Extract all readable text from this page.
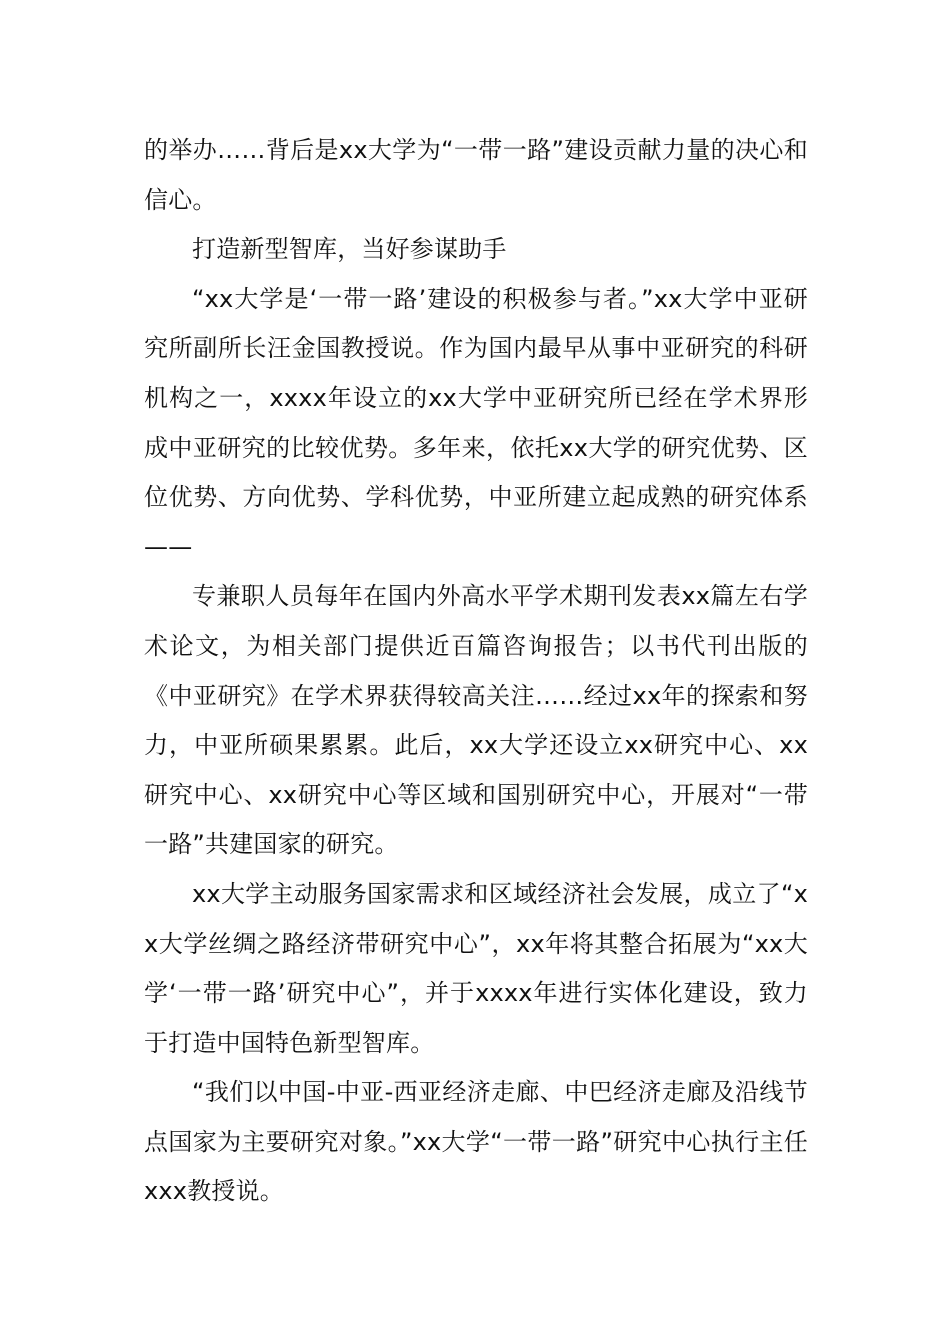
的举办……背后是xx大学为“一带一路”建设贡献力量的决心和信心。

打造新型智库，当好参谋助手

“xx大学是‘一带一路’建设的积极参与者。”xx大学中亚研究所副所长汪金国教授说。作为国内最早从事中亚研究的科研机构之一，xxxx年设立的xx大学中亚研究所已经在学术界形成中亚研究的比较优势。多年来，依托xx大学的研究优势、区位优势、方向优势、学科优势，中亚所建立起成熟的研究体系——

专兼职人员每年在国内外高水平学术期刊发表xx篇左右学术论文，为相关部门提供近百篇咨询报告；以书代刊出版的《中亚研究》在学术界获得较高关注……经过xx年的探索和努力，中亚所硕果累累。此后，xx大学还设立xx研究中心、xx研究中心、xx研究中心等区域和国别研究中心，开展对“一带一路”共建国家的研究。

xx大学主动服务国家需求和区域经济社会发展，成立了“xx大学丝绸之路经济带研究中心”，xx年将其整合拓展为“xx大学‘一带一路’研究中心”，并于xxxx年进行实体化建设，致力于打造中国特色新型智库。

“我们以中国-中亚-西亚经济走廊、中巴经济走廊及沿线节点国家为主要研究对象。”xx大学“一带一路”研究中心执行主任xxx教授说。
